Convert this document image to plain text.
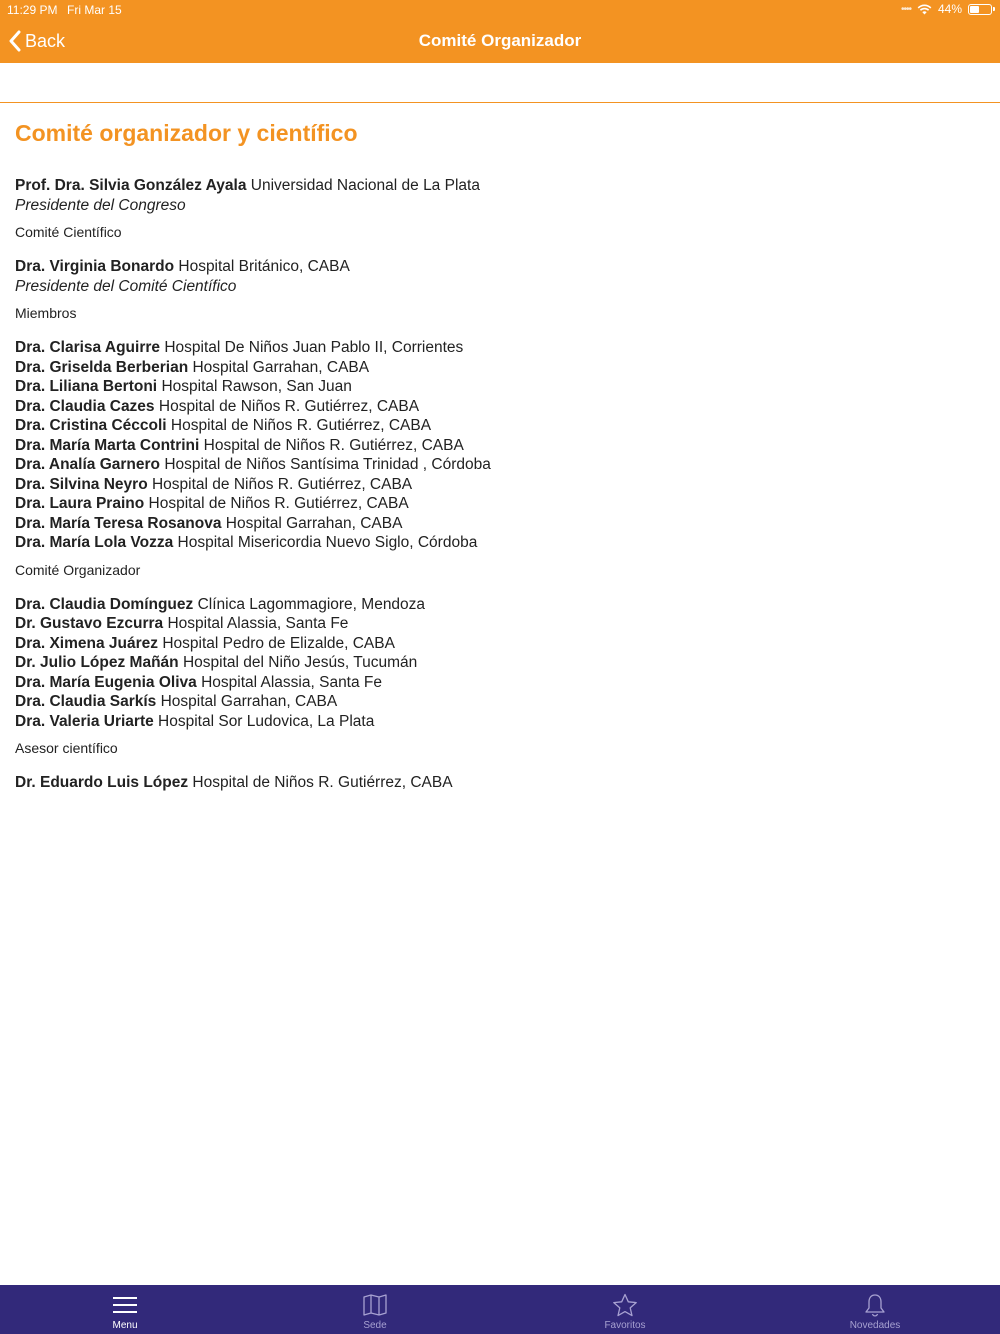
11:29 PM Fri Mar 15	•••• 44%
Back	Comité Organizador
Comité organizador y científico
Prof. Dra. Silvia González Ayala Universidad Nacional de La Plata
Presidente del Congreso
Comité Científico
Dra. Virginia Bonardo Hospital Británico, CABA
Presidente del Comité Científico
Miembros
Dra. Clarisa Aguirre Hospital De Niños Juan Pablo II, Corrientes
Dra. Griselda Berberian Hospital Garrahan, CABA
Dra. Liliana Bertoni Hospital Rawson, San Juan
Dra. Claudia Cazes Hospital de Niños R. Gutiérrez, CABA
Dra. Cristina Céccoli Hospital de Niños R. Gutiérrez, CABA
Dra. María Marta Contrini Hospital de Niños R. Gutiérrez, CABA
Dra. Analía Garnero Hospital de Niños Santísima Trinidad , Córdoba
Dra. Silvina Neyro Hospital de Niños R. Gutiérrez, CABA
Dra. Laura Praino Hospital de Niños R. Gutiérrez, CABA
Dra. María Teresa Rosanova Hospital Garrahan, CABA
Dra. María Lola Vozza Hospital Misericordia Nuevo Siglo, Córdoba
Comité Organizador
Dra. Claudia Domínguez Clínica Lagommagiore, Mendoza
Dr. Gustavo Ezcurra Hospital Alassia, Santa Fe
Dra. Ximena Juárez Hospital Pedro de Elizalde, CABA
Dr. Julio López Mañán Hospital del Niño Jesús, Tucumán
Dra. María Eugenia Oliva Hospital Alassia, Santa Fe
Dra. Claudia Sarkís Hospital Garrahan, CABA
Dra. Valeria Uriarte Hospital Sor Ludovica, La Plata
Asesor científico
Dr. Eduardo Luis López Hospital de Niños R. Gutiérrez, CABA
Menu	Sede	Favoritos	Novedades
